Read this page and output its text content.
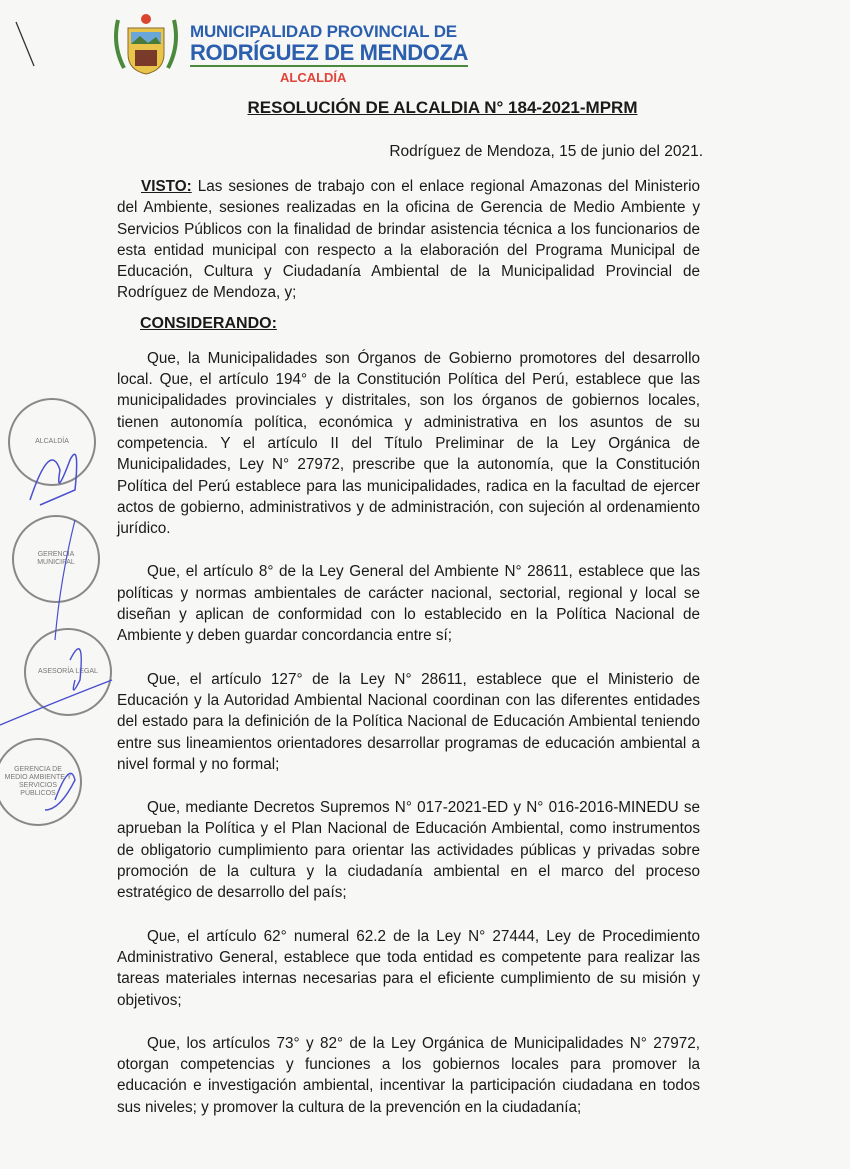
MUNICIPALIDAD PROVINCIAL DE
RODRÍGUEZ DE MENDOZA
ALCALDÍA
RESOLUCIÓN DE ALCALDIA N° 184-2021-MPRM
Rodríguez de Mendoza, 15 de junio del 2021.

VISTO: Las sesiones de trabajo con el enlace regional Amazonas del Ministerio del Ambiente, sesiones realizadas en la oficina de Gerencia de Medio Ambiente y Servicios Públicos con la finalidad de brindar asistencia técnica a los funcionarios de esta entidad municipal con respecto a la elaboración del Programa Municipal de Educación, Cultura y Ciudadanía Ambiental de la Municipalidad Provincial de Rodríguez de Mendoza, y;

CONSIDERANDO:

Que, la Municipalidades son Órganos de Gobierno promotores del desarrollo local. Que, el artículo 194° de la Constitución Política del Perú, establece que las municipalidades provinciales y distritales, son los órganos de gobiernos locales, tienen autonomía política, económica y administrativa en los asuntos de su competencia. Y el artículo II del Título Preliminar de la Ley Orgánica de Municipalidades, Ley N° 27972, prescribe que la autonomía, que la Constitución Política del Perú establece para las municipalidades, radica en la facultad de ejercer actos de gobierno, administrativos y de administración, con sujeción al ordenamiento jurídico.

Que, el artículo 8° de la Ley General del Ambiente N° 28611, establece que las políticas y normas ambientales de carácter nacional, sectorial, regional y local se diseñan y aplican de conformidad con lo establecido en la Política Nacional de Ambiente y deben guardar concordancia entre sí;

Que, el artículo 127° de la Ley N° 28611, establece que el Ministerio de Educación y la Autoridad Ambiental Nacional coordinan con las diferentes entidades del estado para la definición de la Política Nacional de Educación Ambiental teniendo entre sus lineamientos orientadores desarrollar programas de educación ambiental a nivel formal y no formal;

Que, mediante Decretos Supremos N° 017-2021-ED y N° 016-2016-MINEDU se aprueban la Política y el Plan Nacional de Educación Ambiental, como instrumentos de obligatorio cumplimiento para orientar las actividades públicas y privadas sobre promoción de la cultura y la ciudadanía ambiental en el marco del proceso estratégico de desarrollo del país;

Que, el artículo 62° numeral 62.2 de la Ley N° 27444, Ley de Procedimiento Administrativo General, establece que toda entidad es competente para realizar las tareas materiales internas necesarias para el eficiente cumplimiento de su misión y objetivos;

Que, los artículos 73° y 82° de la Ley Orgánica de Municipalidades N° 27972, otorgan competencias y funciones a los gobiernos locales para promover la educación e investigación ambiental, incentivar la participación ciudadana en todos sus niveles; y promover la cultura de la prevención en la ciudadanía;

ALCALDÍA
GERENCIA MUNICIPAL
ASESORÍA LEGAL
GERENCIA DE MEDIO AMBIENTE Y SERVICIOS PÚBLICOS
